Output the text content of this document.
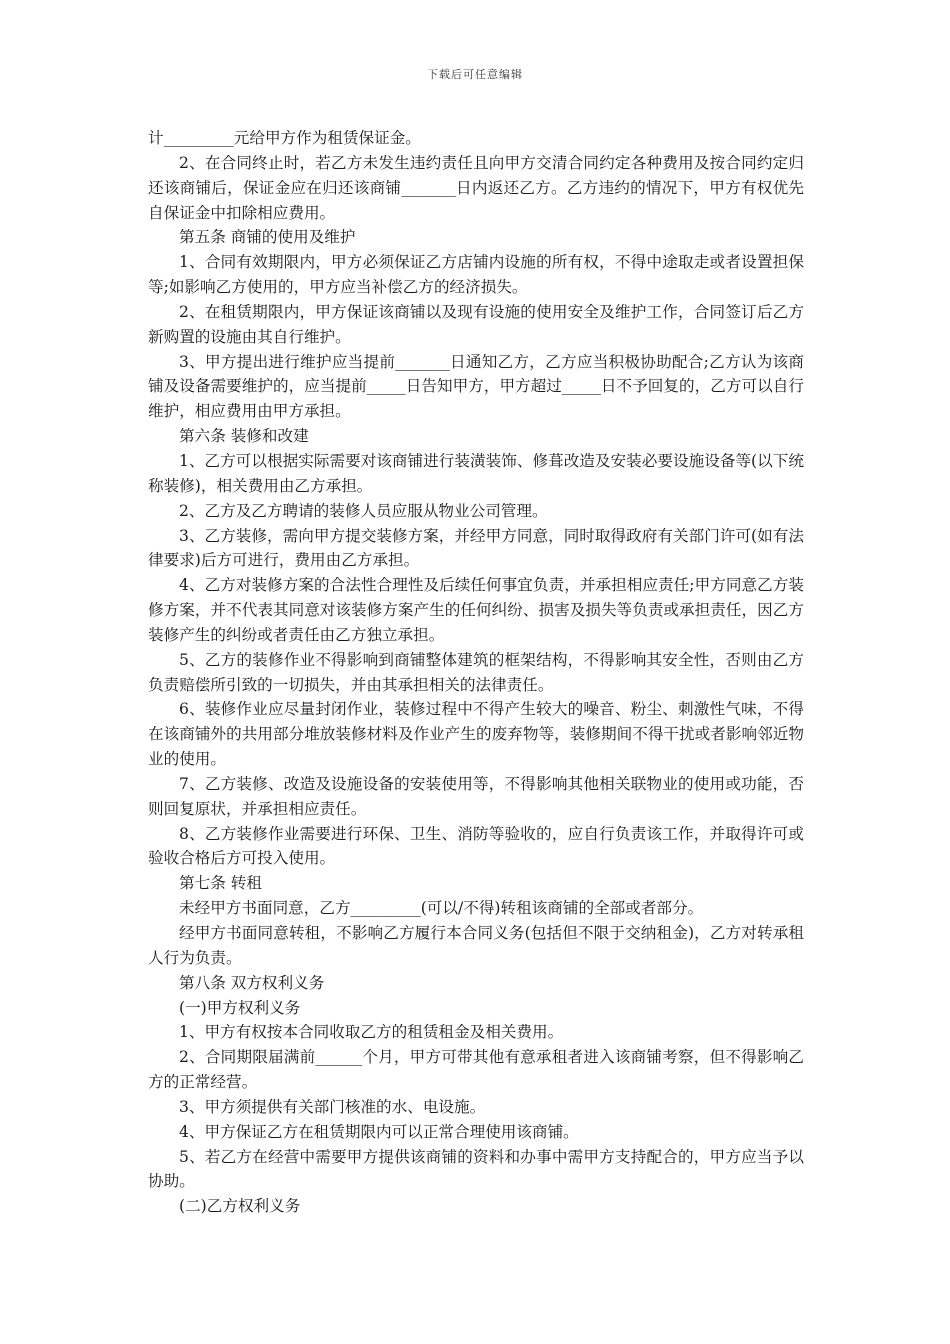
下载后可任意编辑

计_________元给甲方作为租赁保证金。

2、在合同终止时，若乙方未发生违约责任且向甲方交清合同约定各种费用及按合同约定归还该商铺后，保证金应在归还该商铺_______日内返还乙方。乙方违约的情况下，甲方有权优先自保证金中扣除相应费用。

第五条 商铺的使用及维护

1、合同有效期限内，甲方必须保证乙方店铺内设施的所有权，不得中途取走或者设置担保等;如影响乙方使用的，甲方应当补偿乙方的经济损失。

2、在租赁期限内，甲方保证该商铺以及现有设施的使用安全及维护工作，合同签订后乙方新购置的设施由其自行维护。

3、甲方提出进行维护应当提前_______日通知乙方，乙方应当积极协助配合;乙方认为该商铺及设备需要维护的，应当提前_____日告知甲方，甲方超过_____日不予回复的，乙方可以自行维护，相应费用由甲方承担。

第六条 装修和改建

1、乙方可以根据实际需要对该商铺进行装潢装饰、修葺改造及安装必要设施设备等(以下统称装修)，相关费用由乙方承担。

2、乙方及乙方聘请的装修人员应服从物业公司管理。

3、乙方装修，需向甲方提交装修方案，并经甲方同意，同时取得政府有关部门许可(如有法律要求)后方可进行，费用由乙方承担。

4、乙方对装修方案的合法性合理性及后续任何事宜负责，并承担相应责任;甲方同意乙方装修方案，并不代表其同意对该装修方案产生的任何纠纷、损害及损失等负责或承担责任，因乙方装修产生的纠纷或者责任由乙方独立承担。

5、乙方的装修作业不得影响到商铺整体建筑的框架结构，不得影响其安全性，否则由乙方负责赔偿所引致的一切损失，并由其承担相关的法律责任。

6、装修作业应尽量封闭作业，装修过程中不得产生较大的噪音、粉尘、刺激性气味，不得在该商铺外的共用部分堆放装修材料及作业产生的废弃物等，装修期间不得干扰或者影响邻近物业的使用。

7、乙方装修、改造及设施设备的安装使用等，不得影响其他相关联物业的使用或功能，否则回复原状，并承担相应责任。

8、乙方装修作业需要进行环保、卫生、消防等验收的，应自行负责该工作，并取得许可或验收合格后方可投入使用。

第七条 转租

未经甲方书面同意，乙方_________(可以/不得)转租该商铺的全部或者部分。

经甲方书面同意转租，不影响乙方履行本合同义务(包括但不限于交纳租金)，乙方对转承租人行为负责。

第八条 双方权利义务

(一)甲方权利义务

1、甲方有权按本合同收取乙方的租赁租金及相关费用。

2、合同期限届满前______个月，甲方可带其他有意承租者进入该商铺考察，但不得影响乙方的正常经营。

3、甲方须提供有关部门核准的水、电设施。

4、甲方保证乙方在租赁期限内可以正常合理使用该商铺。

5、若乙方在经营中需要甲方提供该商铺的资料和办事中需甲方支持配合的，甲方应当予以协助。

(二)乙方权利义务
